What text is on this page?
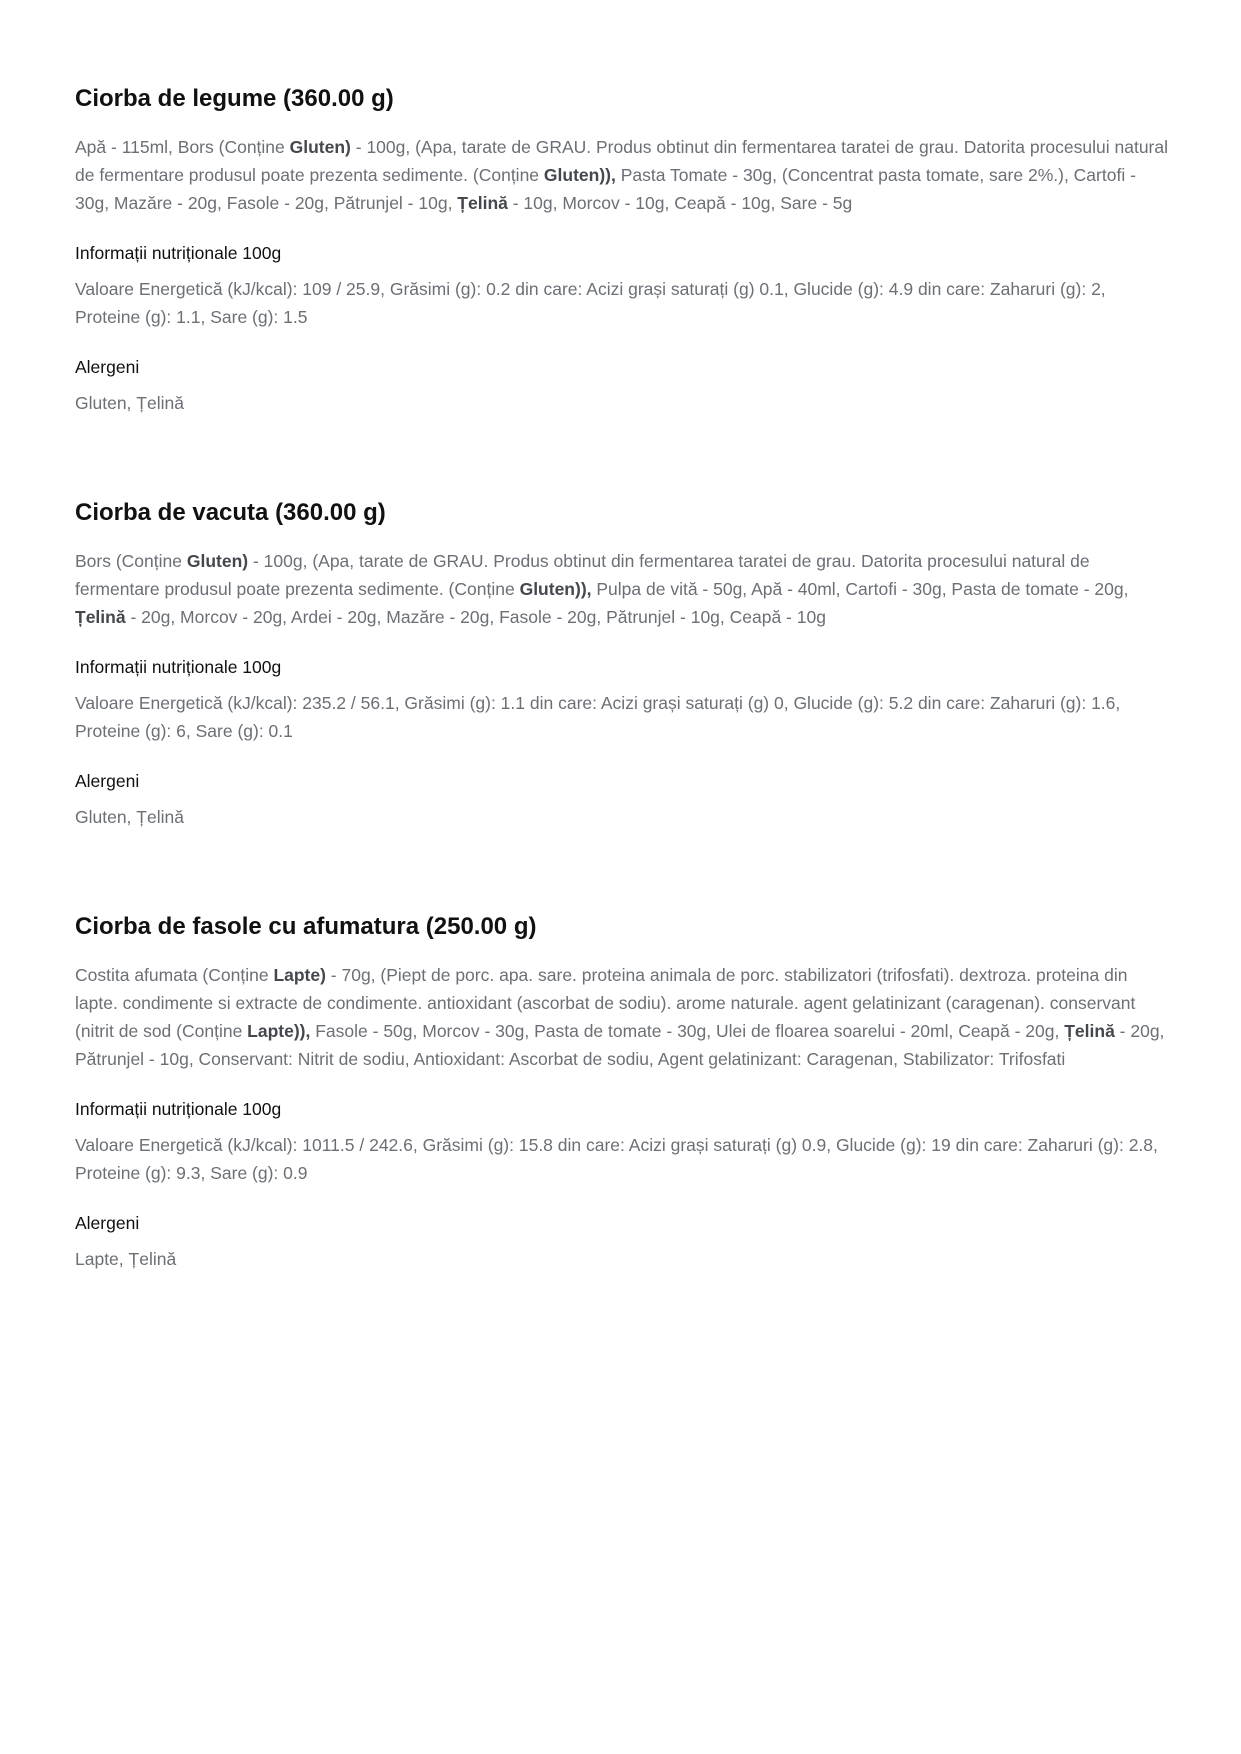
Ciorba de legume (360.00 g)

Apă - 115ml, Bors (Conține Gluten) - 100g, (Apa, tarate de GRAU. Produs obtinut din fermentarea taratei de grau. Datorita procesului natural de fermentare produsul poate prezenta sedimente. (Conține Gluten)), Pasta Tomate - 30g, (Concentrat pasta tomate, sare 2%.), Cartofi - 30g, Mazăre - 20g, Fasole - 20g, Pătrunjel - 10g, Țelină - 10g, Morcov - 10g, Ceapă - 10g, Sare - 5g

Informații nutriționale 100g

Valoare Energetică (kJ/kcal): 109 / 25.9, Grăsimi (g): 0.2 din care: Acizi grași saturați (g) 0.1, Glucide (g): 4.9 din care: Zaharuri (g): 2, Proteine (g): 1.1, Sare (g): 1.5

Alergeni

Gluten, Țelină

Ciorba de vacuta (360.00 g)

Bors (Conține Gluten) - 100g, (Apa, tarate de GRAU. Produs obtinut din fermentarea taratei de grau. Datorita procesului natural de fermentare produsul poate prezenta sedimente. (Conține Gluten)), Pulpa de vită - 50g, Apă - 40ml, Cartofi - 30g, Pasta de tomate - 20g, Țelină - 20g, Morcov - 20g, Ardei - 20g, Mazăre - 20g, Fasole - 20g, Pătrunjel - 10g, Ceapă - 10g

Informații nutriționale 100g

Valoare Energetică (kJ/kcal): 235.2 / 56.1, Grăsimi (g): 1.1 din care: Acizi grași saturați (g) 0, Glucide (g): 5.2 din care: Zaharuri (g): 1.6, Proteine (g): 6, Sare (g): 0.1

Alergeni

Gluten, Țelină

Ciorba de fasole cu afumatura (250.00 g)

Costita afumata (Conține Lapte) - 70g, (Piept de porc. apa. sare. proteina animala de porc. stabilizatori (trifosfati). dextroza. proteina din lapte. condimente si extracte de condimente. antioxidant (ascorbat de sodiu). arome naturale. agent gelatinizant (caragenan). conservant (nitrit de sod (Conține Lapte)), Fasole - 50g, Morcov - 30g, Pasta de tomate - 30g, Ulei de floarea soarelui - 20ml, Ceapă - 20g, Țelină - 20g, Pătrunjel - 10g, Conservant: Nitrit de sodiu, Antioxidant: Ascorbat de sodiu, Agent gelatinizant: Caragenan, Stabilizator: Trifosfati

Informații nutriționale 100g

Valoare Energetică (kJ/kcal): 1011.5 / 242.6, Grăsimi (g): 15.8 din care: Acizi grași saturați (g) 0.9, Glucide (g): 19 din care: Zaharuri (g): 2.8, Proteine (g): 9.3, Sare (g): 0.9

Alergeni

Lapte, Țelină
